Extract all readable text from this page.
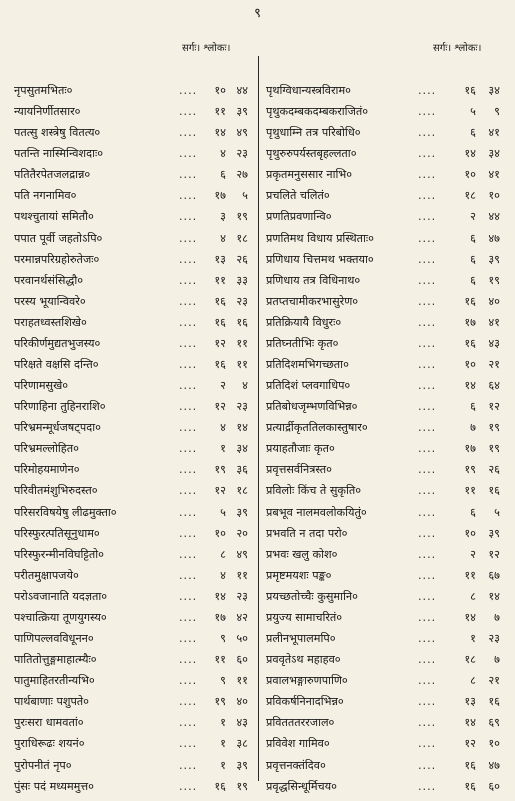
९
सर्गः। श्लोकः।	सर्गः। श्लोकः।
नृपसुतमभितः०	....	१० ४४
न्यायनिर्णीतसार०	....	११ ३९
पतत्सु शस्त्रेषु वितत्य०	....	१४ ४९
पतन्ति नास्मिन्विशदाः०	....	४ २३
पतितैरपेतजलद्रान्न०	....	६ २७
पति नगनामिव०	....	१७	५
पथश्चुतायां समितौ०	....	३ १९
पपात पूर्वी जहतोऽपि०	....	४ १८
परमान्नपरिग्रहोरुतेजः०	....	१३ २६
परवानर्थसंसिद्धौ०	....	११ ३३
परस्य भूयान्विवरे०	....	१६ २३
पराहतध्वस्तशिखे०	....	१६ १६
परिकीर्णमुद्यतभुजस्य०	....	१२ ११
परिक्षते वक्षसि दन्ति०	....	१६ ११
परिणामसुखे०	....	२	४
परिणाहिना तुहिनराशि०	....	१२ २३
परिभ्रमन्मूर्धजषट्पदा०	....	४ १४
परिभ्रमल्लोहित०	....	१ ३४
परिमोहयमाणेन०	....	१९ ३६
परिवीतमंशुभिरुदस्त०	....	१२ १८
परिसरविषयेषु लीढमुक्ता०	....	५ ३९
परिस्फुरत्पतिसूनुधाम०	....	१० २०
परिस्फुरन्मीनविघट्टितो०	....	८ ४९
परीतमुक्षापजये०	....	४ ११
परोऽवजानाति यदज्ञता०	....	१४ २३
पश्चात्क्रिया तूणयुगस्य०	....	१७ ४२
पाणिपल्लवविधूनन०	....	९ ५०
पातितोत्तुङ्गमाहात्म्यैः०	....	११ ६०
पातुमाहितरतीन्यभि०	....	९ ११
पार्थबाणाः पशुपते०	....	१९ ४०
पुरःसरा धामवतां०	....	१ ४३
पुराधिरूढः शयनं०	....	१ ३८
पुरोपनीतं नृप०	....	१ ३९
पुंसः पदं मध्यममुत्त०	....	१६ १९
पृथग्विधान्यस्त्रविराम०	....	१६	३४
पृथुकदम्बकदम्बकराजितं०	....	५	९
पृथुधाम्नि तत्र परिबोधि०	....	६	४१
पृथुरुरुपर्यस्तबृहल्लता०	....	१४	३४
प्रकृतमनुससार नाभि०	....	१०	४१
प्रचलिते चलितं०	....	१८	१०
प्रणतिप्रवणान्वि०	....	२	४४
प्रणतिमथ विधाय प्रस्थिताः०	....	६	४७
प्रणिधाय चित्तमथ भक्तया०	....	६	३९
प्रणिधाय तत्र विधिनाथ०	....	६	१९
प्रतप्तचामीकरभासुरेण०	....	१६	४०
प्रतिक्रियायै विधुरः०	....	१७	४१
प्रतिघ्नतीभिः कृत०	....	१६	४३
प्रतिदिशमभिगच्छता०	....	१०	२१
प्रतिदिशं प्लवगाधिप०	....	१४	६४
प्रतिबोधजृम्भणविभिन्न०	....	६	१२
प्रत्यार्द्रीकृततिलकास्तुषार०	....	७	१९
प्रयाहतौजाः कृत०	....	१७	१९
प्रवृत्तसर्वनित्रस्त०	....	१९	२६
प्रविलोः किंच ते सुकृति०	....	११	१६
प्रबभूव नालमवलोकयितुं०	....	६	५
प्रभवति न तदा परो०	....	१०	३९
प्रभवः खलु कोश०	....	२	१२
प्रमृष्टमयशः पङ्क०	....	११	६७
प्रयच्छतोच्चैः कुसुमानि०	....	८	१४
प्रयुज्य सामाचरितं०	....	१४	७
प्रलीनभूपालमपि०	....	१	२३
प्रववृतेऽथ महाहव०	....	१८	७
प्रवालभङ्गारुणपाणि०	....	८	२१
प्रविकर्षनिनादभिन्न०	....	१३	१६
प्रवितततररजाल०	....	१४	६९
प्रविवेश गामिव०	....	१२	१०
प्रवृत्तनक्तंदिव०	....	१६	४७
प्रवृद्धसिन्धूर्मिचय०	....	१६	६०
